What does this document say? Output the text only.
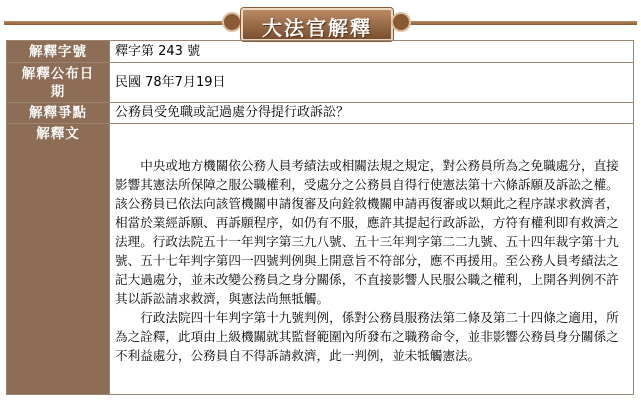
大法官解釋
解釋字號	釋字第 243 號
解釋公布日期	民國 78年7月19日
解釋爭點	公務員受免職或記過處分得提行政訴訟？
解釋文	中央或地方機關依公務人員考績法或相關法規之規定，對公務員所為之免職處分，直接影響其憲法所保障之服公職權利，受處分之公務員自得行使憲法第十六條訴願及訴訟之權。該公務員已依法向該管機關申請復審及向銓敘機關申請再復審或以類此之程序謀求救濟者，相當於業經訴願、再訴願程序，如仍有不服，應許其提起行政訴訟，方符有權利即有救濟之法理。行政法院五十一年判字第三九八號、五十三年判字第二二九號、五十四年裁字第十九號、五十七年判字第四一四號判例與上開意旨不符部分，應不再援用。至公務人員考績法之記大過處分，並未改變公務員之身分關係，不直接影響人民服公職之權利，上開各判例不許其以訴訟請求救濟，與憲法尚無牴觸。

行政法院四十年判字第十九號判例，係對公務員服務法第二條及第二十四條之適用，所為之詮釋，此項由上級機關就其監督範圍內所發布之職務命令，並非影響公務員身分關係之不利益處分，公務員自不得訴請救濟，此一判例，並未牴觸憲法。
